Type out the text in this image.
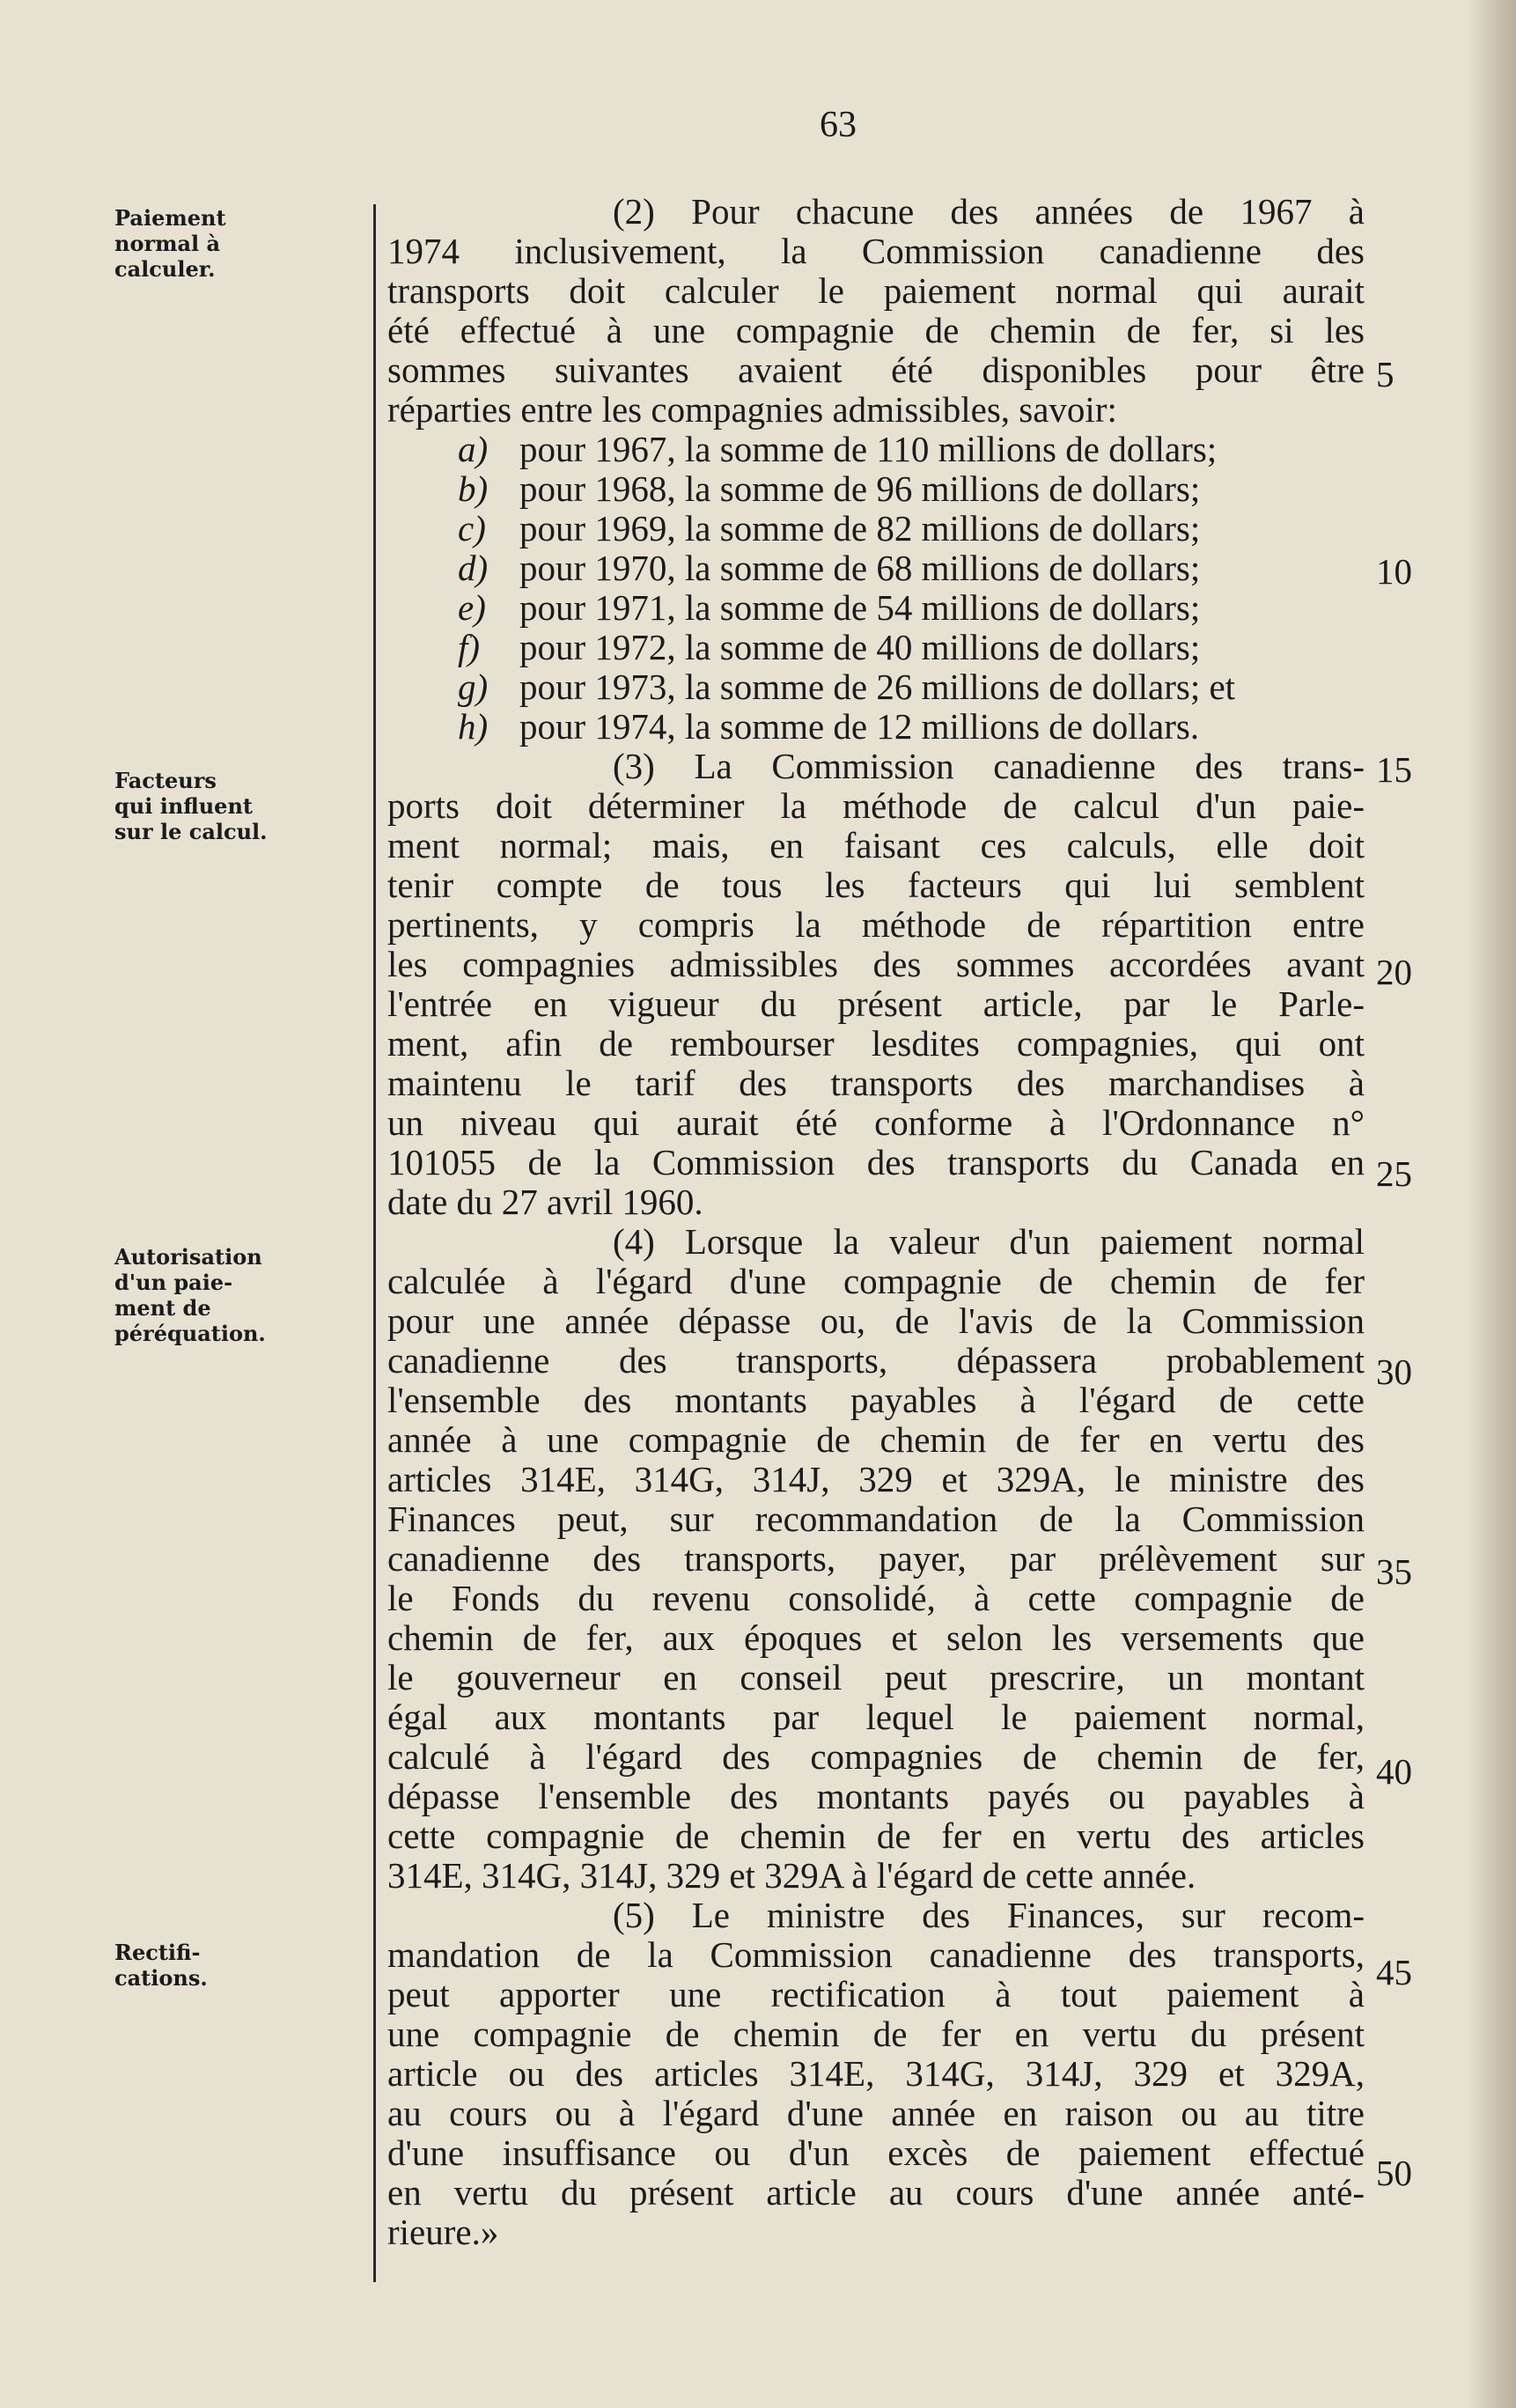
63
Paiement
normal à
calculer.
Facteurs
qui influent
sur le calcul.
Autorisation
d'un paie-
ment de
péréquation.
Rectifi-
cations.
5
10
15
20
25
30
35
40
45
50
(2) Pour chacune des années de 1967 à
1974 inclusivement, la Commission canadienne des
transports doit calculer le paiement normal qui aurait
été effectué à une compagnie de chemin de fer, si les
sommes suivantes avaient été disponibles pour être
réparties entre les compagnies admissibles, savoir:
a) pour 1967, la somme de 110 millions de dollars;
b) pour 1968, la somme de 96 millions de dollars;
c) pour 1969, la somme de 82 millions de dollars;
d) pour 1970, la somme de 68 millions de dollars;
e) pour 1971, la somme de 54 millions de dollars;
f) pour 1972, la somme de 40 millions de dollars;
g) pour 1973, la somme de 26 millions de dollars; et
h) pour 1974, la somme de 12 millions de dollars.
(3) La Commission canadienne des trans-
ports doit déterminer la méthode de calcul d'un paie-
ment normal; mais, en faisant ces calculs, elle doit
tenir compte de tous les facteurs qui lui semblent
pertinents, y compris la méthode de répartition entre
les compagnies admissibles des sommes accordées avant
l'entrée en vigueur du présent article, par le Parle-
ment, afin de rembourser lesdites compagnies, qui ont
maintenu le tarif des transports des marchandises à
un niveau qui aurait été conforme à l'Ordonnance n°
101055 de la Commission des transports du Canada en
date du 27 avril 1960.
(4) Lorsque la valeur d'un paiement normal
calculée à l'égard d'une compagnie de chemin de fer
pour une année dépasse ou, de l'avis de la Commission
canadienne des transports, dépassera probablement
l'ensemble des montants payables à l'égard de cette
année à une compagnie de chemin de fer en vertu des
articles 314E, 314G, 314J, 329 et 329A, le ministre des
Finances peut, sur recommandation de la Commission
canadienne des transports, payer, par prélèvement sur
le Fonds du revenu consolidé, à cette compagnie de
chemin de fer, aux époques et selon les versements que
le gouverneur en conseil peut prescrire, un montant
égal aux montants par lequel le paiement normal,
calculé à l'égard des compagnies de chemin de fer,
dépasse l'ensemble des montants payés ou payables à
cette compagnie de chemin de fer en vertu des articles
314E, 314G, 314J, 329 et 329A à l'égard de cette année.
(5) Le ministre des Finances, sur recom-
mandation de la Commission canadienne des transports,
peut apporter une rectification à tout paiement à
une compagnie de chemin de fer en vertu du présent
article ou des articles 314E, 314G, 314J, 329 et 329A,
au cours ou à l'égard d'une année en raison ou au titre
d'une insuffisance ou d'un excès de paiement effectué
en vertu du présent article au cours d'une année anté-
rieure.»
